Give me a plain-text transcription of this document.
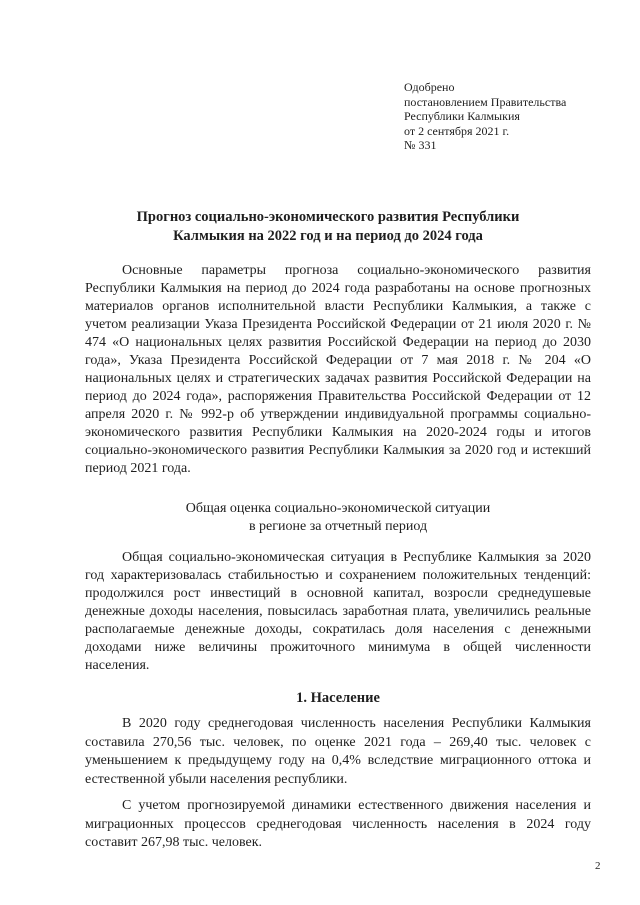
Одобрено
постановлением Правительства
Республики Калмыкия
от 2 сентября 2021 г.
№ 331
Прогноз социально-экономического развития Республики
Калмыкия на 2022 год и на период до 2024 года

Основные параметры прогноза социально-экономического развития Республики Калмыкия на период до 2024 года разработаны на основе прогнозных материалов органов исполнительной власти Республики Калмыкия, а также с учетом реализации Указа Президента Российской Федерации от 21 июля 2020 г. № 474 «О национальных целях развития Российской Федерации на период до 2030 года», Указа Президента Российской Федерации от 7 мая 2018 г. № 204 «О национальных целях и стратегических задачах развития Российской Федерации на период до 2024 года», распоряжения Правительства Российской Федерации от 12 апреля 2020 г. № 992-р об утверждении индивидуальной программы социально-экономического развития Республики Калмыкия на 2020-2024 годы и итогов социально-экономического развития Республики Калмыкия за 2020 год и истекший период 2021 года.

Общая оценка социально-экономической ситуации
в регионе за отчетный период

Общая социально-экономическая ситуация в Республике Калмыкия за 2020 год характеризовалась стабильностью и сохранением положительных тенденций: продолжился рост инвестиций в основной капитал, возросли среднедушевые денежные доходы населения, повысилась заработная плата, увеличились реальные располагаемые денежные доходы, сократилась доля населения с денежными доходами ниже величины прожиточного минимума в общей численности населения.

1. Население

В 2020 году среднегодовая численность населения Республики Калмыкия составила 270,56 тыс. человек, по оценке 2021 года – 269,40 тыс. человек с уменьшением к предыдущему году на 0,4% вследствие миграционного оттока и естественной убыли населения республики.

С учетом прогнозируемой динамики естественного движения населения и миграционных процессов среднегодовая численность населения в 2024 году составит 267,98 тыс. человек.

2
